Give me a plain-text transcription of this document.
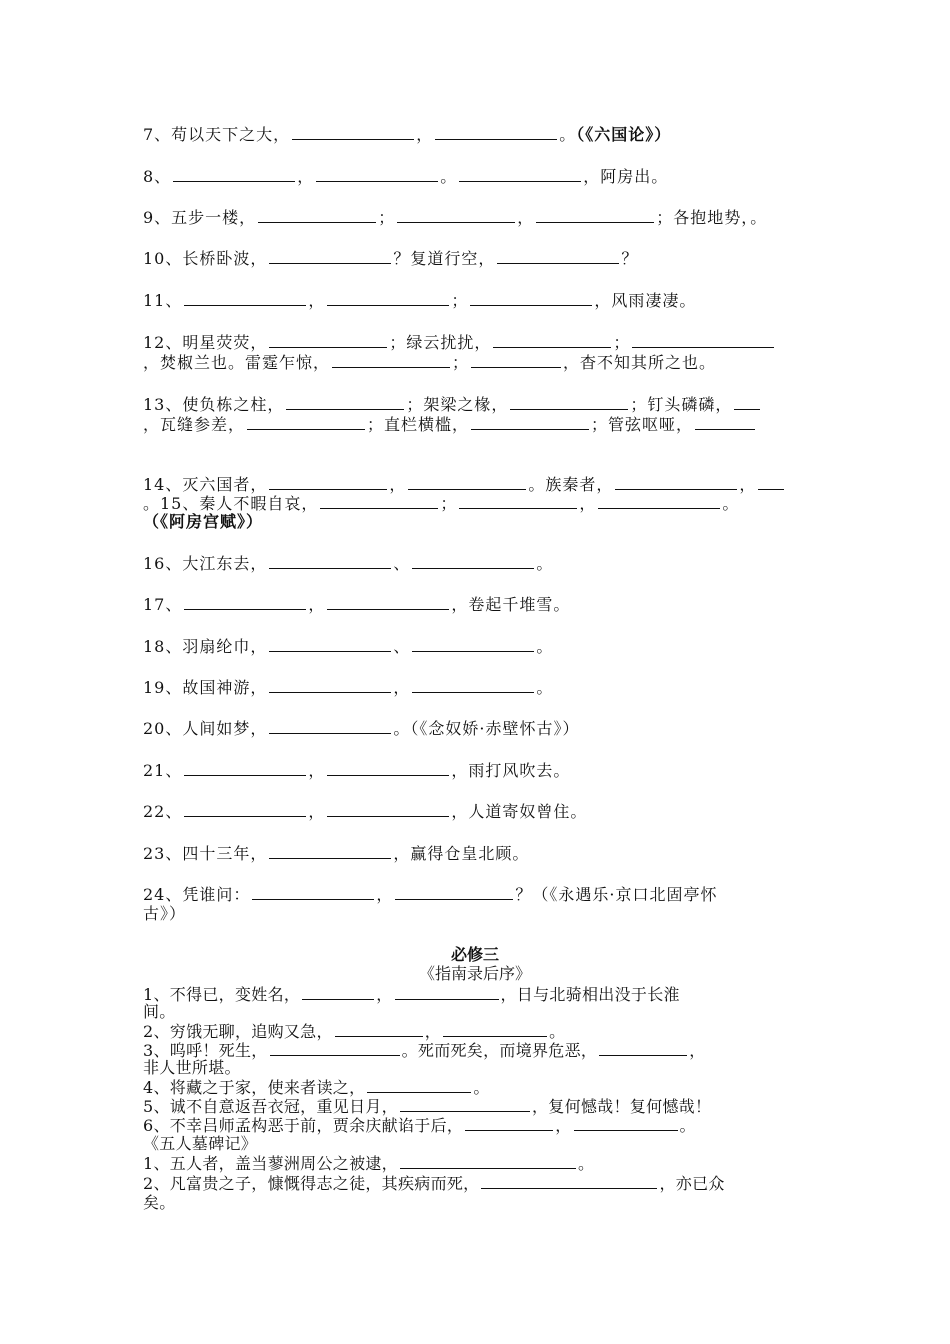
7、苟以天下之大，	，	。（《六国论》）
8、	，	。	，阿房出。
9、五步一楼，	；	，	；各抱地势，。
10、长桥卧波，	？复道行空，	？
11、	，	；	，风雨凄凄。
12、明星荧荧，	；绿云扰扰，	；
，焚椒兰也。雷霆乍惊，	；	，杳不知其所之也。
13、使负栋之柱，	；架梁之椽，	；钉头磷磷，
，瓦缝参差，	；直栏横槛，	；管弦呕哑，
14、灭六国者，	，	。族秦者，	，
。15、秦人不暇自哀，	；	，	。
（《阿房宫赋》）
16、大江东去，	、	。
17、	，	，卷起千堆雪。
18、羽扇纶巾，	、	。
19、故国神游，	，	。
20、人间如梦，	。（《念奴娇·赤壁怀古》）
21、	，	，雨打风吹去。
22、	，	，人道寄奴曾住。
23、四十三年，	，赢得仓皇北顾。
24、凭谁问：	，	？（《永遇乐·京口北固亭怀
古》）
必修三
《指南录后序》
1、不得已，变姓名，	，	，日与北骑相出没于长淮
间。
2、穷饿无聊，追购又急，	，	。
3、呜呼！死生，	。死而死矣，而境界危恶，	，
非人世所堪。
4、将藏之于家，使来者读之，	。
5、诚不自意返吾衣冠，重见日月，	，复何憾哉！复何憾哉！
6、不幸吕师孟构恶于前，贾余庆献谄于后，	，	。
《五人墓碑记》
1、五人者，盖当蓼洲周公之被逮，	。
2、凡富贵之子，慷慨得志之徒，其疾病而死，	，亦已众
矣。
